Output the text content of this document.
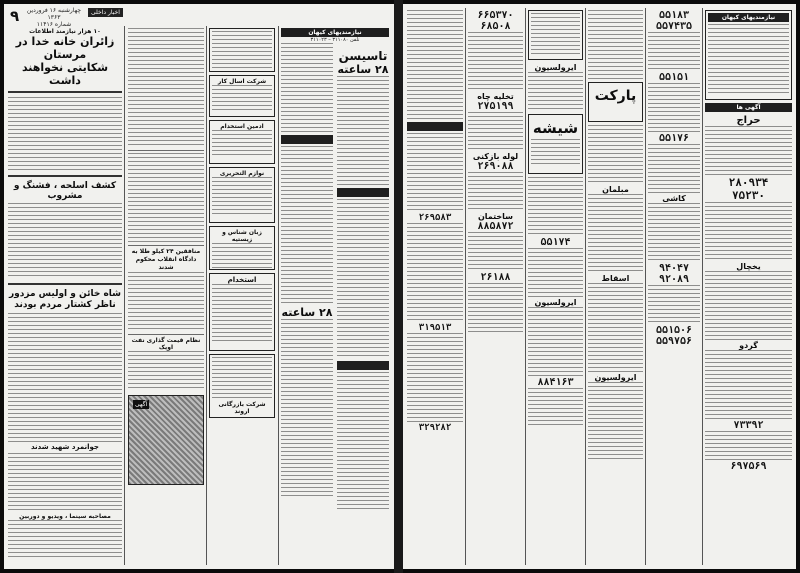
۹ چهارشنبه ۱۶ فروردین ۱۳۶۳
شماره ۱۱۴۱۶
اخبار داخلی
۱۰ هزار نیازمند اطلاعات
زائران خانه خدا در مرستان
شکایتی نخواهند داشت
کشف اسلحه ، فشنگ و مشروب
شاه خائن و اولیس مزدور
ناظر کشتار مردم بودند
جوانمرد شهید شدند
مصاحبه سینما ، ویدیو و دوربین
منافقین ۲۴ کیلو طلا به دادگاه انقلاب محکوم شدند
نظام قیمت گذاری نفت اوپک
آگهی
شرکت اسال کار
ادمین استخدام
نوازم التحریری
زبان شناس و زیستیه
استخدام
شرکت بازرگانی اروند
نیازمندیهای کیهان
تلفن ۳۱۱۰۸۰ – ۳۱۱۰۲۳
۲۸ ساعته
تاسیسن
۲۸ ساعته
۲۶۹۵۸۳
۳۱۹۵۱۳
۳۲۹۲۸۲
۶۶۵۳۷۰
۶۸۵۰۸
تخلیه چاه
۲۷۵۱۹۹
لوله بازکنی
۲۶۹۰۸۸
ساختمان
۸۸۵۸۷۲
۲۶۱۸۸
ایرولسیون
شیشه
۵۵۱۷۴
ایرولسیون
۸۸۴۱۶۳
پارکت
مبلمان
اسقاط
ایرولسیون
۵۵۱۸۳
۵۵۷۴۳۵
۵۵۱۵۱
۵۵۱۷۶
کاشی
۹۴۰۴۷
۹۲۰۸۹
۵۵۱۵۰۶
۵۵۹۷۵۶
نیازمندیهای کیهان
آگهی ها
حراج
۲۸۰۹۳۴
۷۵۲۳۰
یخچال
گردو
۷۳۳۹۲
۶۹۷۵۶۹
